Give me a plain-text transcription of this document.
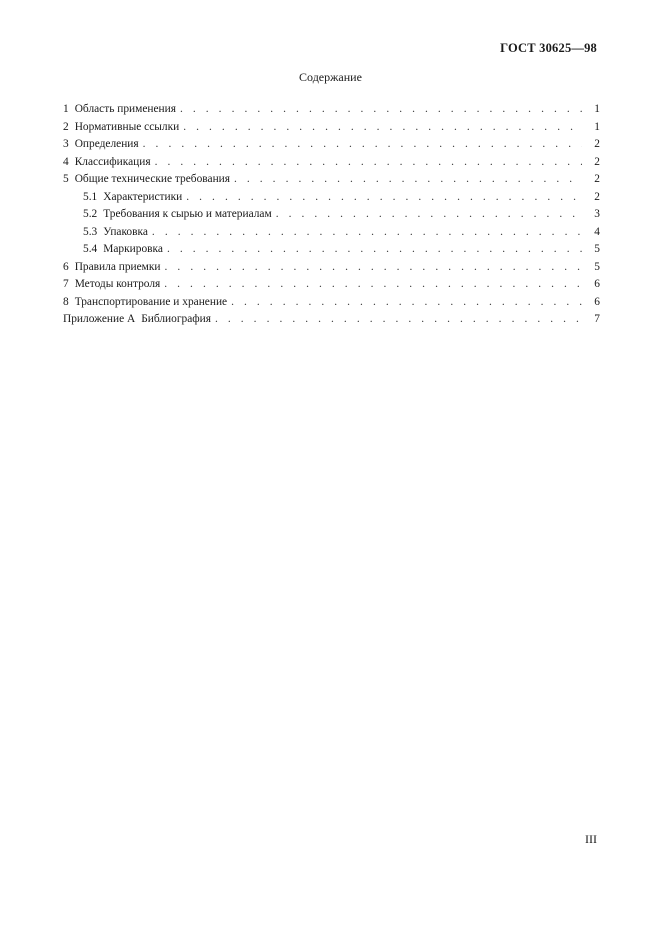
ГОСТ 30625—98
Содержание
1 Область применения . . .	1
2 Нормативные ссылки . . .	1
3 Определения . . .	2
4 Классификация . . .	2
5 Общие технические требования . . .	2
5.1 Характеристики . . .	2
5.2 Требования к сырью и материалам . . .	3
5.3 Упаковка . . .	4
5.4 Маркировка . . .	5
6 Правила приемки . . .	5
7 Методы контроля . . .	6
8 Транспортирование и хранение . . .	6
Приложение А Библиография . . .	7
III
